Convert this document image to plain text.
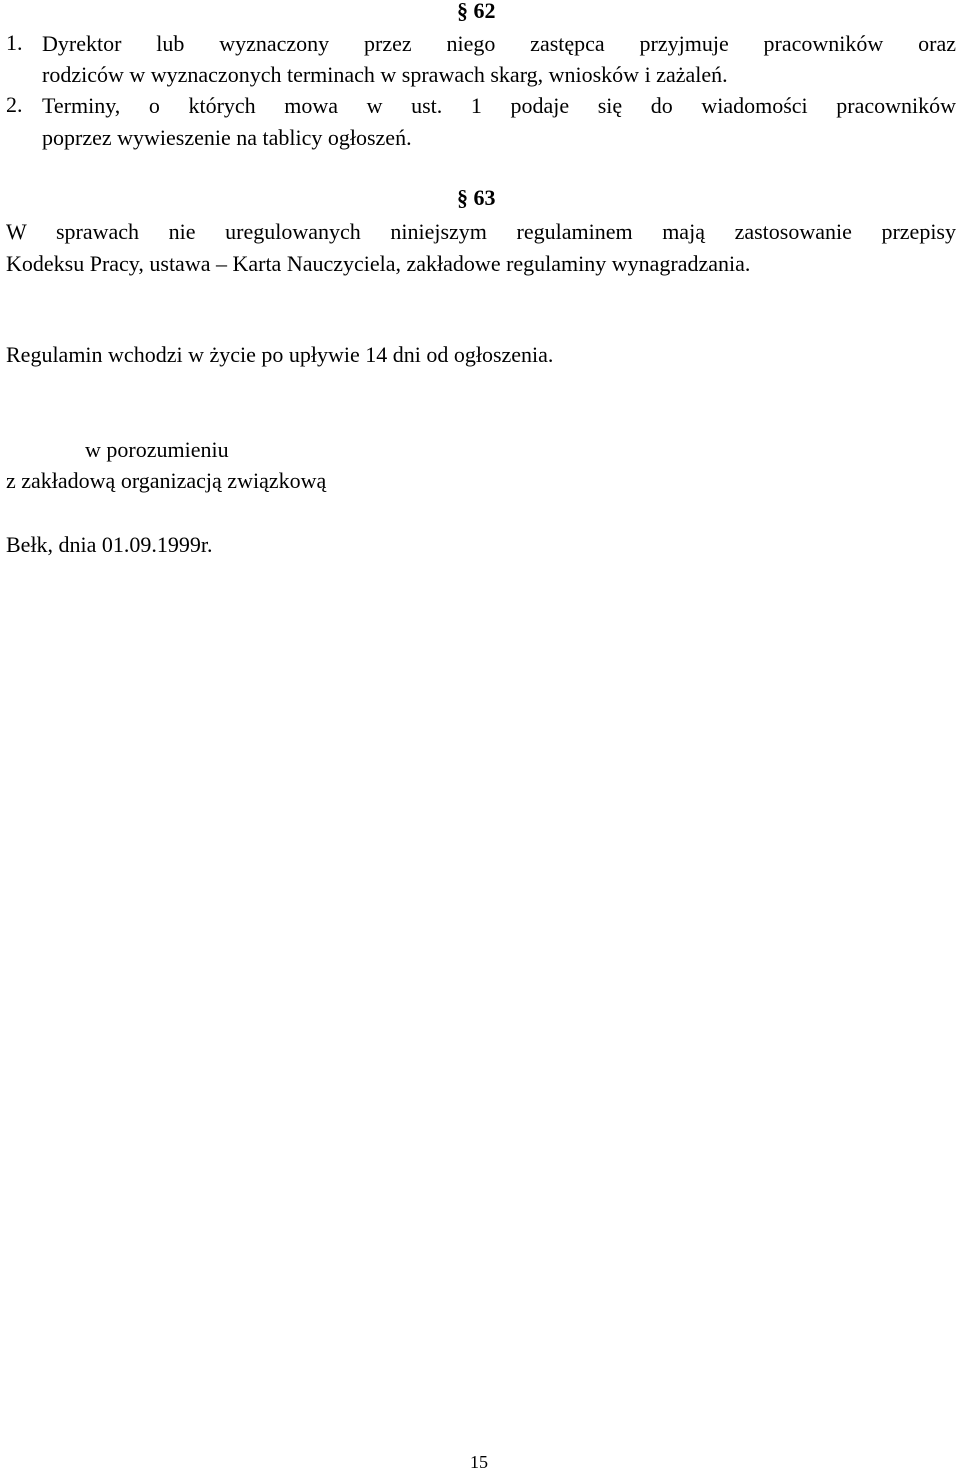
§ 62
1. Dyrektor lub wyznaczony przez niego zastępca przyjmuje pracowników oraz
rodziców w wyznaczonych terminach w sprawach skarg, wniosków i zażaleń.
2. Terminy, o których mowa w ust. 1 podaje się do wiadomości pracowników
poprzez wywieszenie na tablicy ogłoszeń.
§ 63
W sprawach nie uregulowanych niniejszym regulaminem mają zastosowanie przepisy
Kodeksu Pracy, ustawa – Karta Nauczyciela, zakładowe regulaminy wynagradzania.
Regulamin wchodzi w życie po upływie 14 dni od ogłoszenia.
w porozumieniu
z zakładową organizacją związkową
Bełk, dnia 01.09.1999r.
15
